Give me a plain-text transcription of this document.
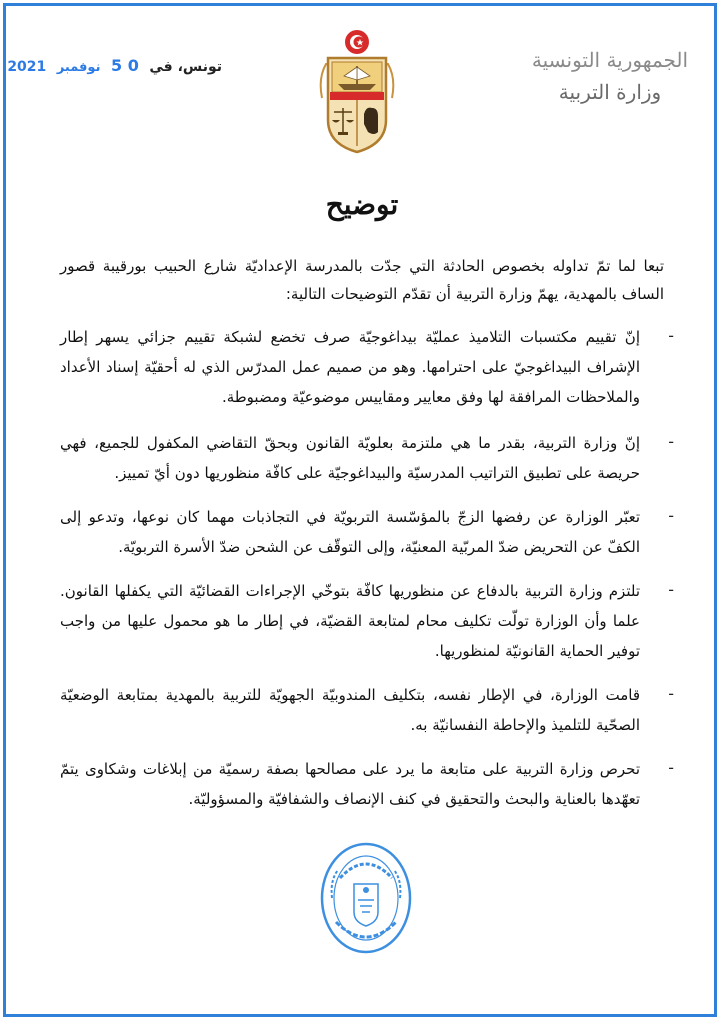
تونس، في 0 5 نوفمبر 2021	الجمهورية التونسية
وزارة التربية
توضيح
تبعا لما تمّ تداوله بخصوص الحادثة التي جدّت بالمدرسة الإعداديّة شارع الحبيب بورقيبة قصور الساف بالمهدية، يهمّ وزارة التربية أن تقدّم التوضيحات التالية:
-
إنّ تقييم مكتسبات التلاميذ عمليّة بيداغوجيّة صرف تخضع لشبكة تقييم جزائي يسهر إطار الإشراف البيداغوجيّ على احترامها. وهو من صميم عمل المدرّس الذي له أحقيّة إسناد الأعداد والملاحظات المرافقة لها وفق معايير ومقاييس موضوعيّة ومضبوطة.
-
إنّ وزارة التربية، بقدر ما هي ملتزمة بعلويّة القانون وبحقّ التقاضي المكفول للجميع، فهي حريصة على تطبيق التراتيب المدرسيّة والبيداغوجيّة على كافّة منظوريها دون أيّ تمييز.
-
تعبّر الوزارة عن رفضها الزجّ بالمؤسّسة التربويّة في التجاذبات مهما كان نوعها، وتدعو إلى الكفّ عن التحريض ضدّ المربّية المعنيّة، وإلى التوقّف عن الشحن ضدّ الأسرة التربويّة.
-
تلتزم وزارة التربية بالدفاع عن منظوريها كافّة بتوخّي الإجراءات القضائيّة التي يكفلها القانون. علما وأن الوزارة تولّت تكليف محام لمتابعة القضيّة، في إطار ما هو محمول عليها من واجب توفير الحماية القانونيّة لمنظوريها.
-
قامت الوزارة، في الإطار نفسه، بتكليف المندوبيّة الجهويّة للتربية بالمهدية بمتابعة الوضعيّة الصحّية للتلميذ والإحاطة النفسانيّة به.
-
تحرص وزارة التربية على متابعة ما يرد على مصالحها بصفة رسميّة من إبلاغات وشكاوى يتمّ تعهّدها بالعناية والبحث والتحقيق في كنف الإنصاف والشفافيّة والمسؤوليّة.
